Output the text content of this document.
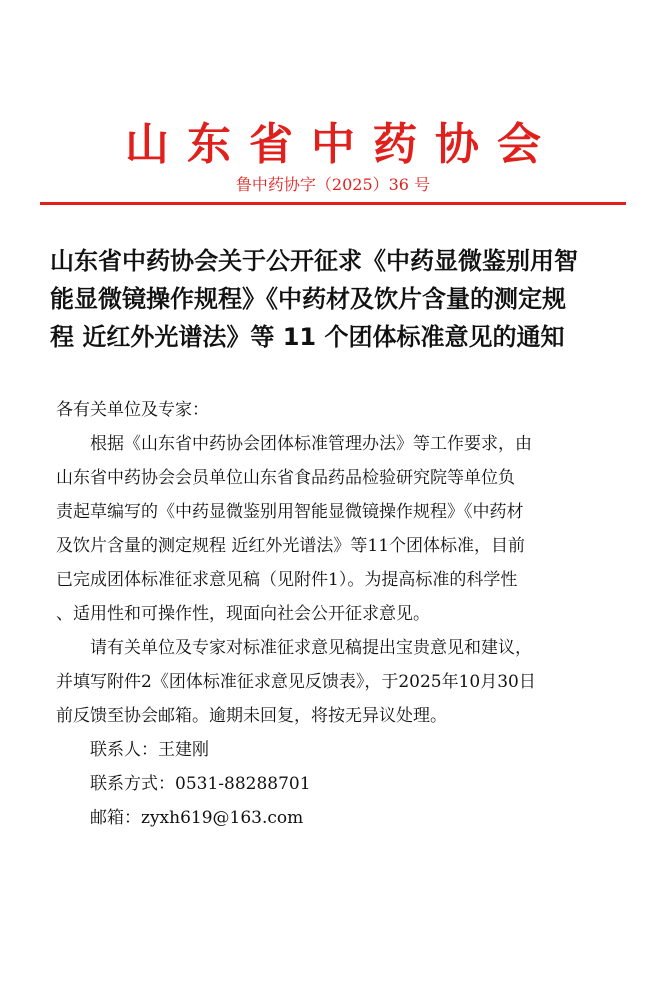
山东省中药协会
鲁中药协字（2025）36 号
山东省中药协会关于公开征求《中药显微鉴别用智
能显微镜操作规程》《中药材及饮片含量的测定规
程 近红外光谱法》等 11 个团体标准意见的通知
各有关单位及专家：
根据《山东省中药协会团体标准管理办法》等工作要求，由
山东省中药协会会员单位山东省食品药品检验研究院等单位负
责起草编写的《中药显微鉴别用智能显微镜操作规程》《中药材
及饮片含量的测定规程 近红外光谱法》等11个团体标准，目前
已完成团体标准征求意见稿（见附件1）。为提高标准的科学性
、适用性和可操作性，现面向社会公开征求意见。
请有关单位及专家对标准征求意见稿提出宝贵意见和建议，
并填写附件2《团体标准征求意见反馈表》，于2025年10月30日
前反馈至协会邮箱。逾期未回复，将按无异议处理。
联系人：王建刚
联系方式：0531-88288701
邮箱：zyxh619@163.com
